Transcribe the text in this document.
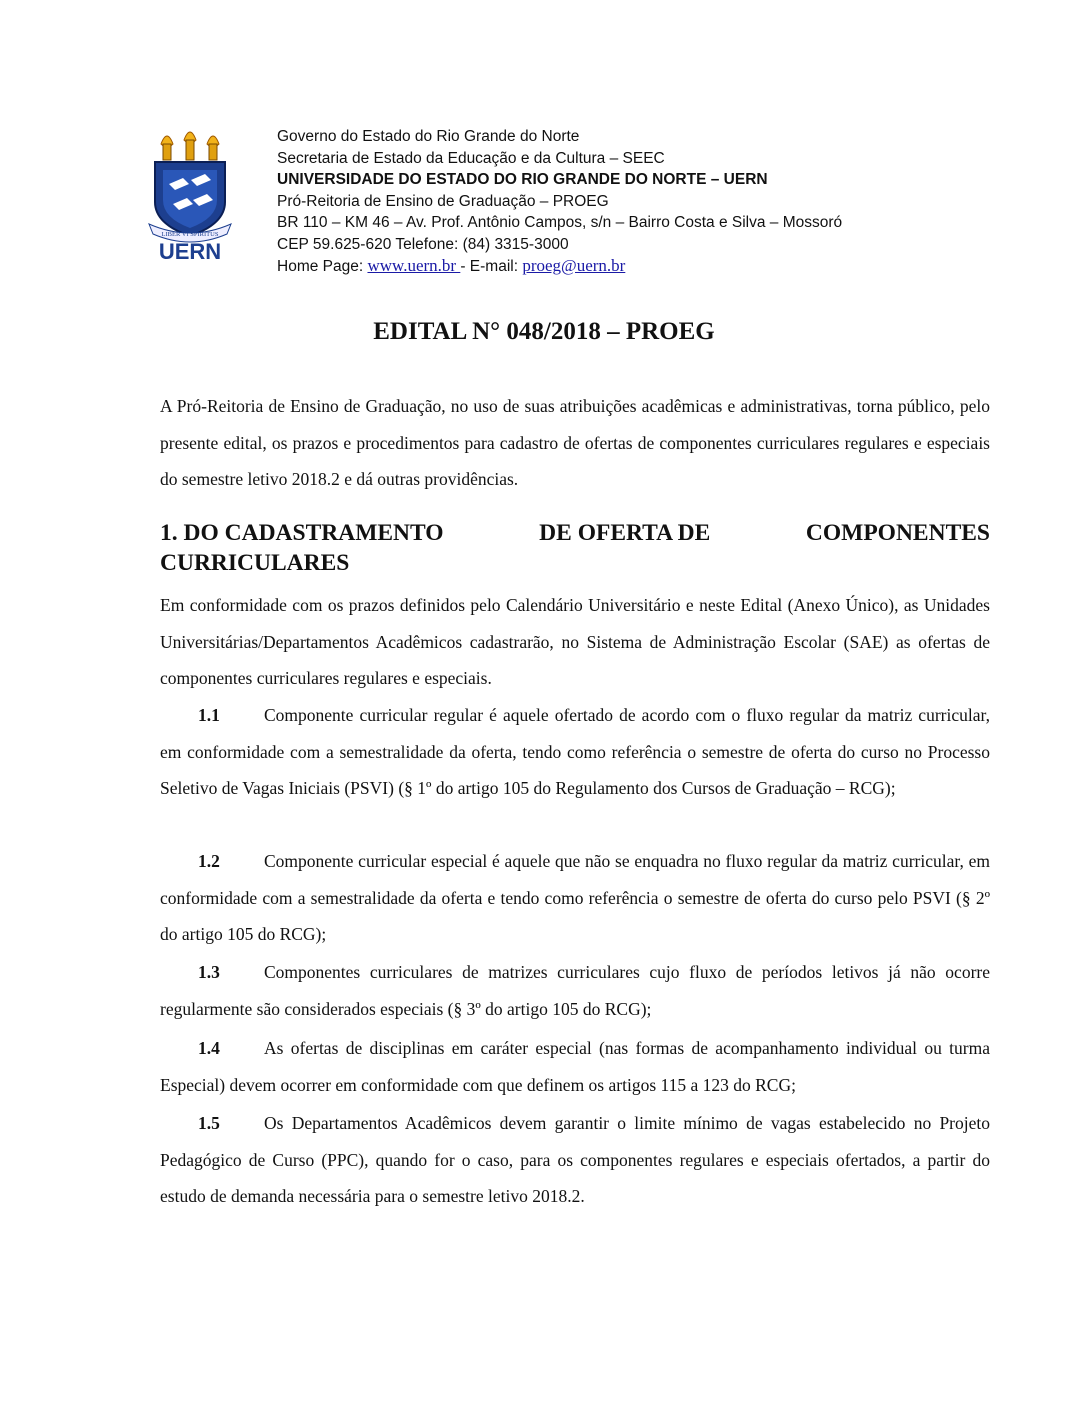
LIBER VI SPIRITUS
UERN
Governo do Estado do Rio Grande do Norte
Secretaria de Estado da Educação e da Cultura – SEEC
UNIVERSIDADE DO ESTADO DO RIO GRANDE DO NORTE – UERN
Pró-Reitoria de Ensino de Graduação – PROEG
BR 110 – KM 46 – Av. Prof. Antônio Campos, s/n – Bairro Costa e Silva – Mossoró
CEP 59.625-620 Telefone: (84) 3315-3000
Home Page: www.uern.br - E-mail: proeg@uern.br
EDITAL N° 048/2018 – PROEG
A Pró-Reitoria de Ensino de Graduação, no uso de suas atribuições acadêmicas e administrativas, torna público, pelo presente edital, os prazos e procedimentos para cadastro de ofertas de componentes curriculares regulares e especiais do semestre letivo 2018.2 e dá outras providências.
1. DO CADASTRAMENTO	DE OFERTA DE	COMPONENTES
CURRICULARES
Em conformidade com os prazos definidos pelo Calendário Universitário e neste Edital (Anexo Único), as Unidades Universitárias/Departamentos Acadêmicos cadastrarão, no Sistema de Administração Escolar (SAE) as ofertas de componentes curriculares regulares e especiais.
1.1	Componente curricular regular é aquele ofertado de acordo com o fluxo regular da matriz curricular, em conformidade com a semestralidade da oferta, tendo como referência o semestre de oferta do curso no Processo Seletivo de Vagas Iniciais (PSVI) (§ 1º do artigo 105 do Regulamento dos Cursos de Graduação – RCG);
1.2	Componente curricular especial é aquele que não se enquadra no fluxo regular da matriz curricular, em conformidade com a semestralidade da oferta e tendo como referência o semestre de oferta do curso pelo PSVI (§ 2º do artigo 105 do RCG);
1.3	Componentes curriculares de matrizes curriculares cujo fluxo de períodos letivos já não ocorre regularmente são considerados especiais (§ 3º do artigo 105 do RCG);
1.4	As ofertas de disciplinas em caráter especial (nas formas de acompanhamento individual ou turma Especial) devem ocorrer em conformidade com que definem os artigos 115 a 123 do RCG;
1.5	Os Departamentos Acadêmicos devem garantir o limite mínimo de vagas estabelecido no Projeto Pedagógico de Curso (PPC), quando for o caso, para os componentes regulares e especiais ofertados, a partir do estudo de demanda necessária para o semestre letivo 2018.2.
